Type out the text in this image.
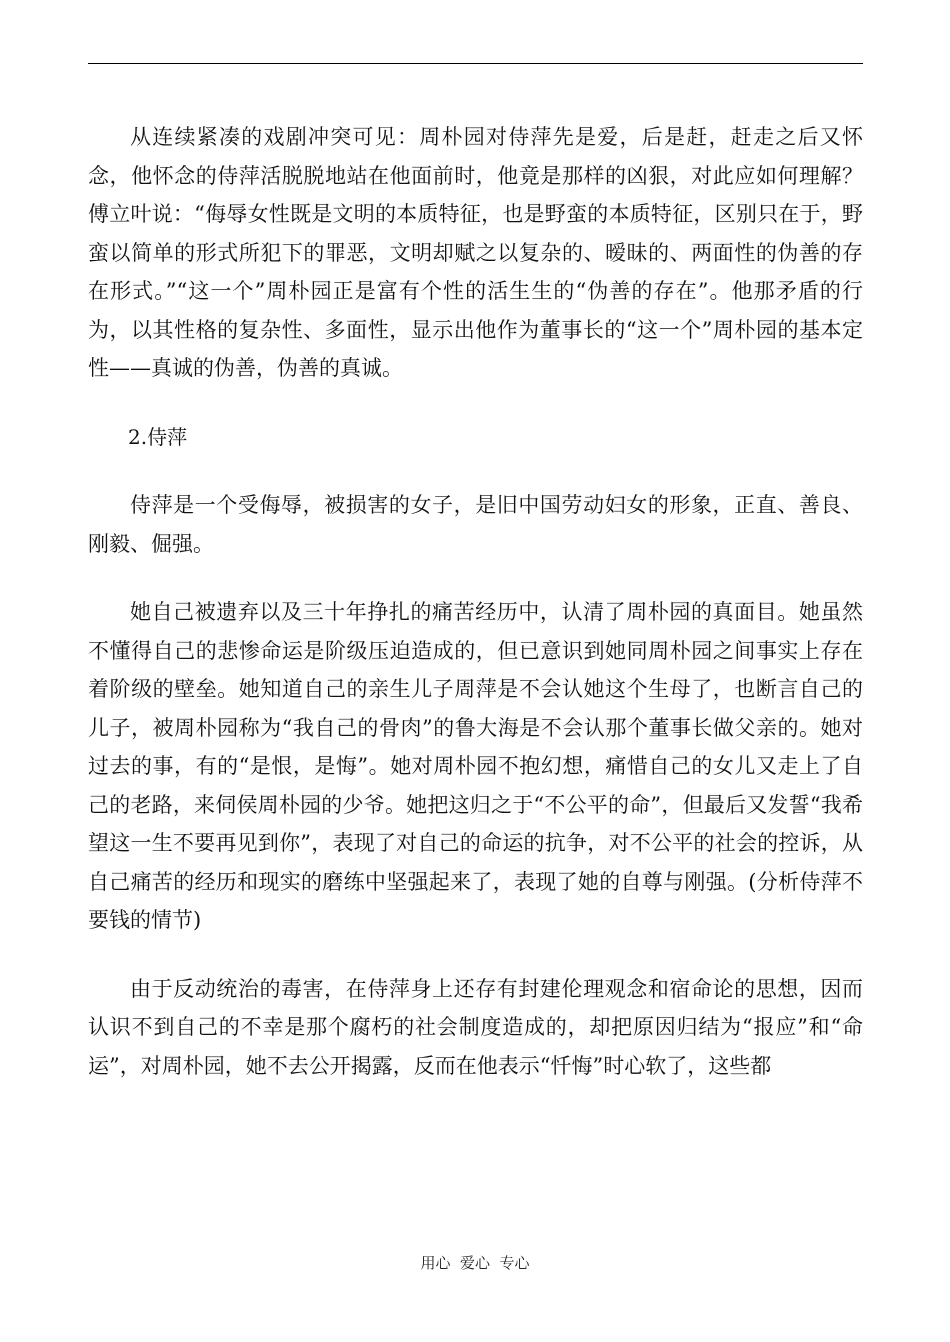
从连续紧凑的戏剧冲突可见：周朴园对侍萍先是爱，后是赶，赶走之后又怀念，他怀念的侍萍活脱脱地站在他面前时，他竟是那样的凶狠，对此应如何理解？傅立叶说：“侮辱女性既是文明的本质特征，也是野蛮的本质特征，区别只在于，野蛮以简单的形式所犯下的罪恶，文明却赋之以复杂的、暧昧的、两面性的伪善的存在形式。”“这一个”周朴园正是富有个性的活生生的“伪善的存在”。他那矛盾的行为，以其性格的复杂性、多面性，显示出他作为董事长的“这一个”周朴园的基本定性——真诚的伪善，伪善的真诚。

2.侍萍

侍萍是一个受侮辱，被损害的女子，是旧中国劳动妇女的形象，正直、善良、刚毅、倔强。

她自己被遗弃以及三十年挣扎的痛苦经历中，认清了周朴园的真面目。她虽然不懂得自己的悲惨命运是阶级压迫造成的，但已意识到她同周朴园之间事实上存在着阶级的壁垒。她知道自己的亲生儿子周萍是不会认她这个生母了，也断言自己的儿子，被周朴园称为“我自己的骨肉”的鲁大海是不会认那个董事长做父亲的。她对过去的事，有的“是恨，是悔”。她对周朴园不抱幻想，痛惜自己的女儿又走上了自己的老路，来伺侯周朴园的少爷。她把这归之于“不公平的命”，但最后又发誓“我希望这一生不要再见到你”，表现了对自己的命运的抗争，对不公平的社会的控诉，从自己痛苦的经历和现实的磨练中坚强起来了，表现了她的自尊与刚强。(分析侍萍不要钱的情节)

由于反动统治的毒害，在侍萍身上还存有封建伦理观念和宿命论的思想，因而认识不到自己的不幸是那个腐朽的社会制度造成的，却把原因归结为“报应”和“命运”，对周朴园，她不去公开揭露，反而在他表示“忏悔”时心软了，这些都

用心  爱心  专心
